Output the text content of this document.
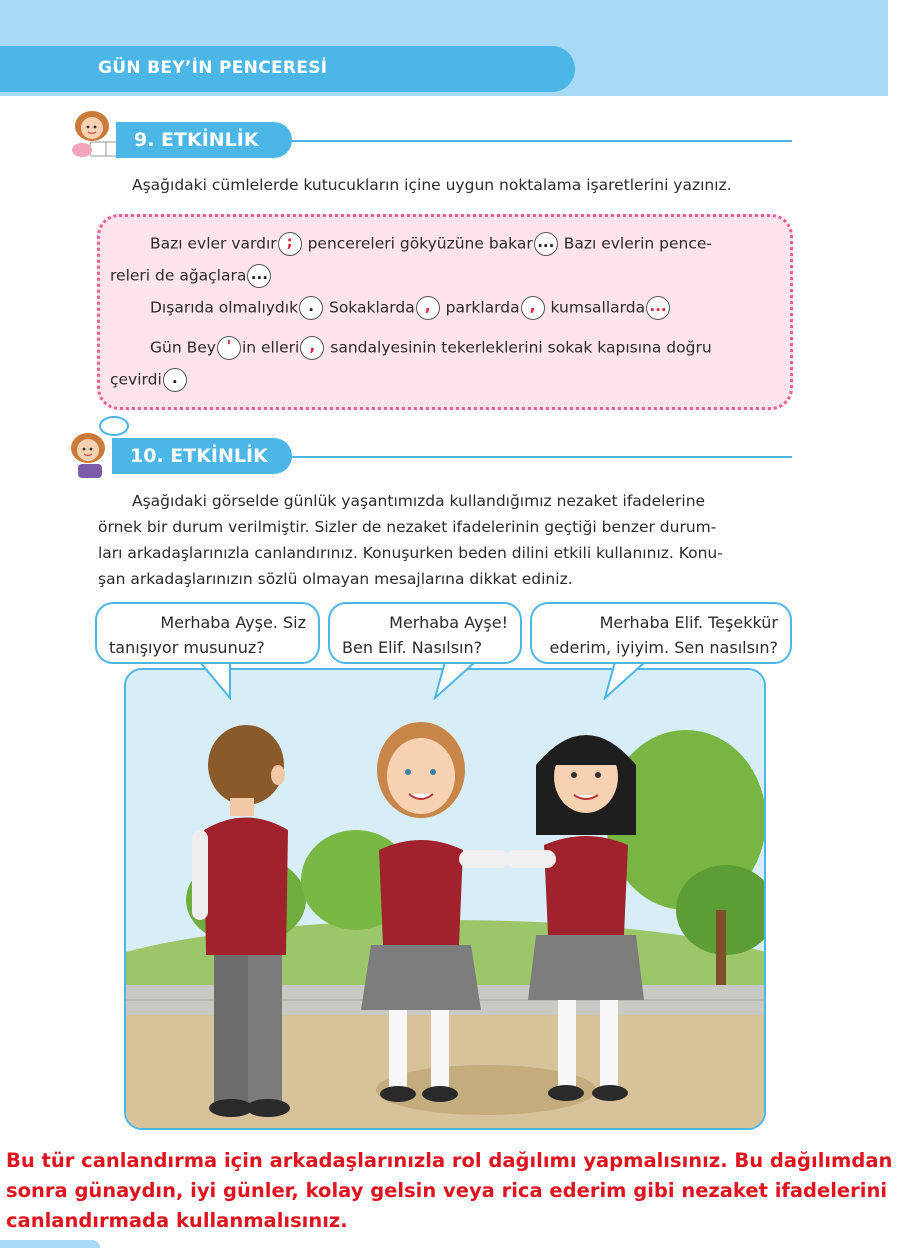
GÜN BEY’İN PENCERESİ
9. ETKİNLİK
Aşağıdaki cümlelerde kutucukların içine uygun noktalama işaretlerini yazınız.
Bazı evler vardır ; pencereleri gökyüzüne bakar ... Bazı evlerin pence-
releri de ağaçlara ...
Dışarıda olmalıydık . Sokaklarda , parklarda , kumsallarda ...
Gün Bey ' in elleri , sandalyesinin tekerleklerini sokak kapısına doğru
çevirdi .
10. ETKİNLİK
Aşağıdaki görselde günlük yaşantımızda kullandığımız nezaket ifadelerine
örnek bir durum verilmiştir. Sizler de nezaket ifadelerinin geçtiği benzer durum-
ları arkadaşlarınızla canlandırınız. Konuşurken beden dilini etkili kullanınız. Konu-
şan arkadaşlarınızın sözlü olmayan mesajlarına dikkat ediniz.
Merhaba Ayşe. Siz
tanışıyor musunuz?
Merhaba Ayşe!
Ben Elif. Nasılsın?
Merhaba Elif. Teşekkür
ederim, iyiyim. Sen nasılsın?
Bu tür canlandırma için arkadaşlarınızla rol dağılımı yapmalısınız. Bu dağılımdan
sonra günaydın, iyi günler, kolay gelsin veya rica ederim gibi nezaket ifadelerini
canlandırmada kullanmalısınız.
